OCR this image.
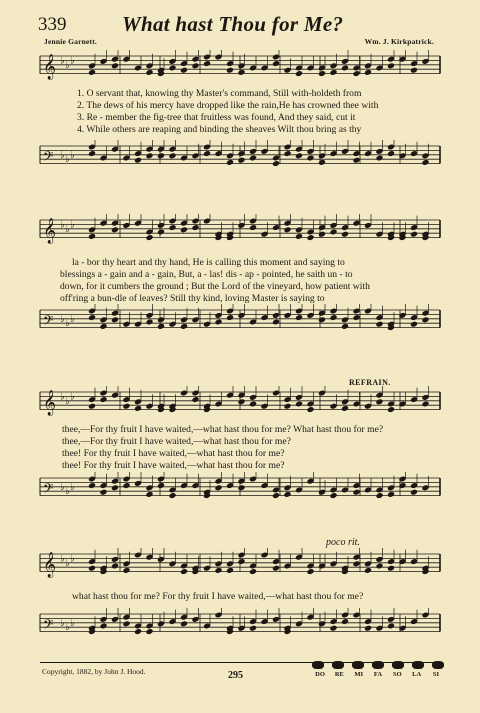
339	What hast Thou for Me?
Jennie Garnett.	Wm. J. Kirkpatrick.
𝄞 ♭ ♭ ♭
1. O servant that, knowing thy Master's command, Still with-holdeth from
2. The dews of his mercy have dropped like the rain,He has crowned thee with
3. Re - member the fig-tree that fruitless was found, And they said, cut it
4. While others are reaping and binding the sheaves Wilt thou bring as thy
𝄢 ♭ ♭ ♭
𝄞 ♭ ♭ ♭
la - bor thy heart and thy hand, He is calling this moment and saying to
blessings a - gain and a - gain, But, a - las! dis - ap - pointed, he saith un - to
down, for it cumbers the ground ; But the Lord of the vineyard, how patient with
off'ring a bun-dle of leaves? Still thy kind, loving Master is saying to
𝄢 ♭ ♭ ♭
REFRAIN.
𝄞 ♭ ♭ ♭
thee,—For thy fruit I have waited,—what hast thou for me? What hast thou for me?
thee,—For thy fruit I have waited,—what hast thou for me?
thee! For thy fruit I have waited,—what hast thou for me?
thee! For thy fruit I have waited,—what hast thou for me?
𝄢 ♭ ♭ ♭
poco rit.
𝄞 ♭ ♭ ♭
what hast thou for me? For thy fruit I have waited,—what hast thou for me?
𝄢 ♭ ♭ ♭
Copyright, 1882, by John J. Hood.	295	DO	RE	MI	FA	SO	LA	SI
